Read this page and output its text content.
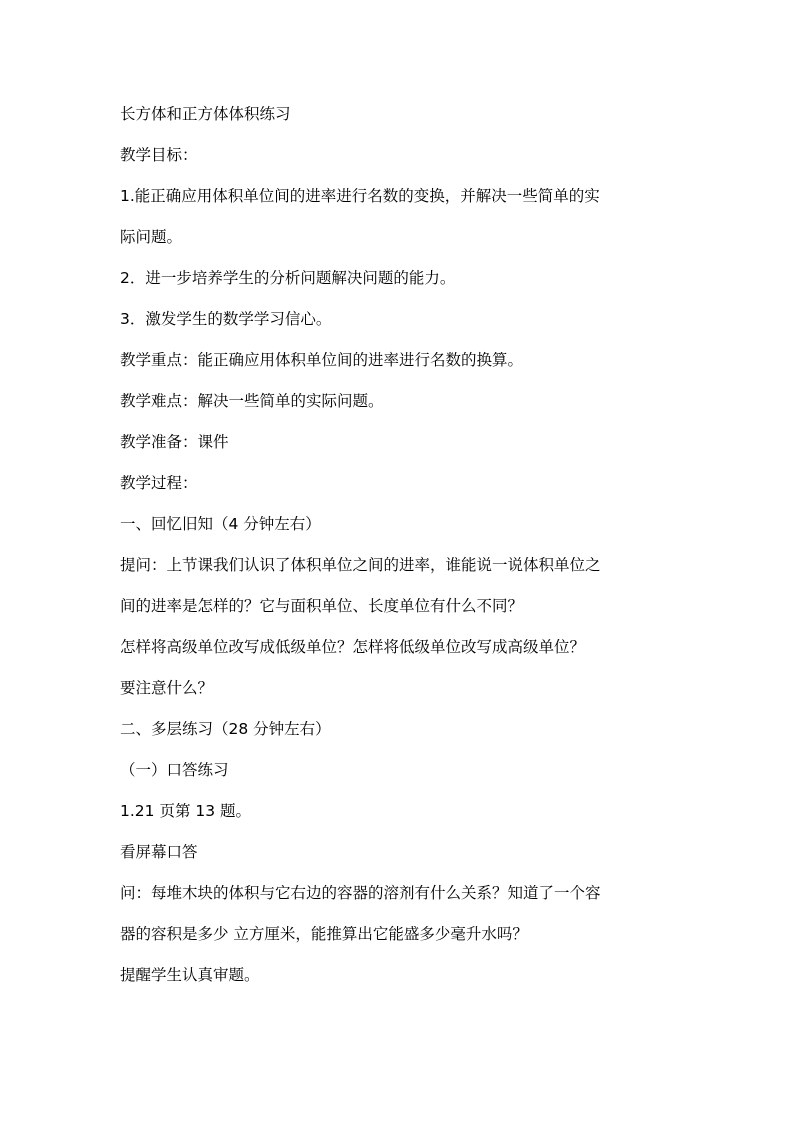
长方体和正方体体积练习

教学目标：

1.能正确应用体积单位间的进率进行名数的变换，并解决一些简单的实

际问题。

2．进一步培养学生的分析问题解决问题的能力。

3．激发学生的数学学习信心。

教学重点：能正确应用体积单位间的进率进行名数的换算。

教学难点：解决一些简单的实际问题。

教学准备：课件

教学过程：

一、回忆旧知（4 分钟左右）

提问：上节课我们认识了体积单位之间的进率，谁能说一说体积单位之

间的进率是怎样的？它与面积单位、长度单位有什么不同？

怎样将高级单位改写成低级单位？怎样将低级单位改写成高级单位？

要注意什么？

二、多层练习（28 分钟左右）

（一）口答练习

1.21 页第 13 题。

看屏幕口答

问：每堆木块的体积与它右边的容器的溶剂有什么关系？知道了一个容

器的容积是多少 立方厘米，能推算出它能盛多少毫升水吗？

提醒学生认真审题。
